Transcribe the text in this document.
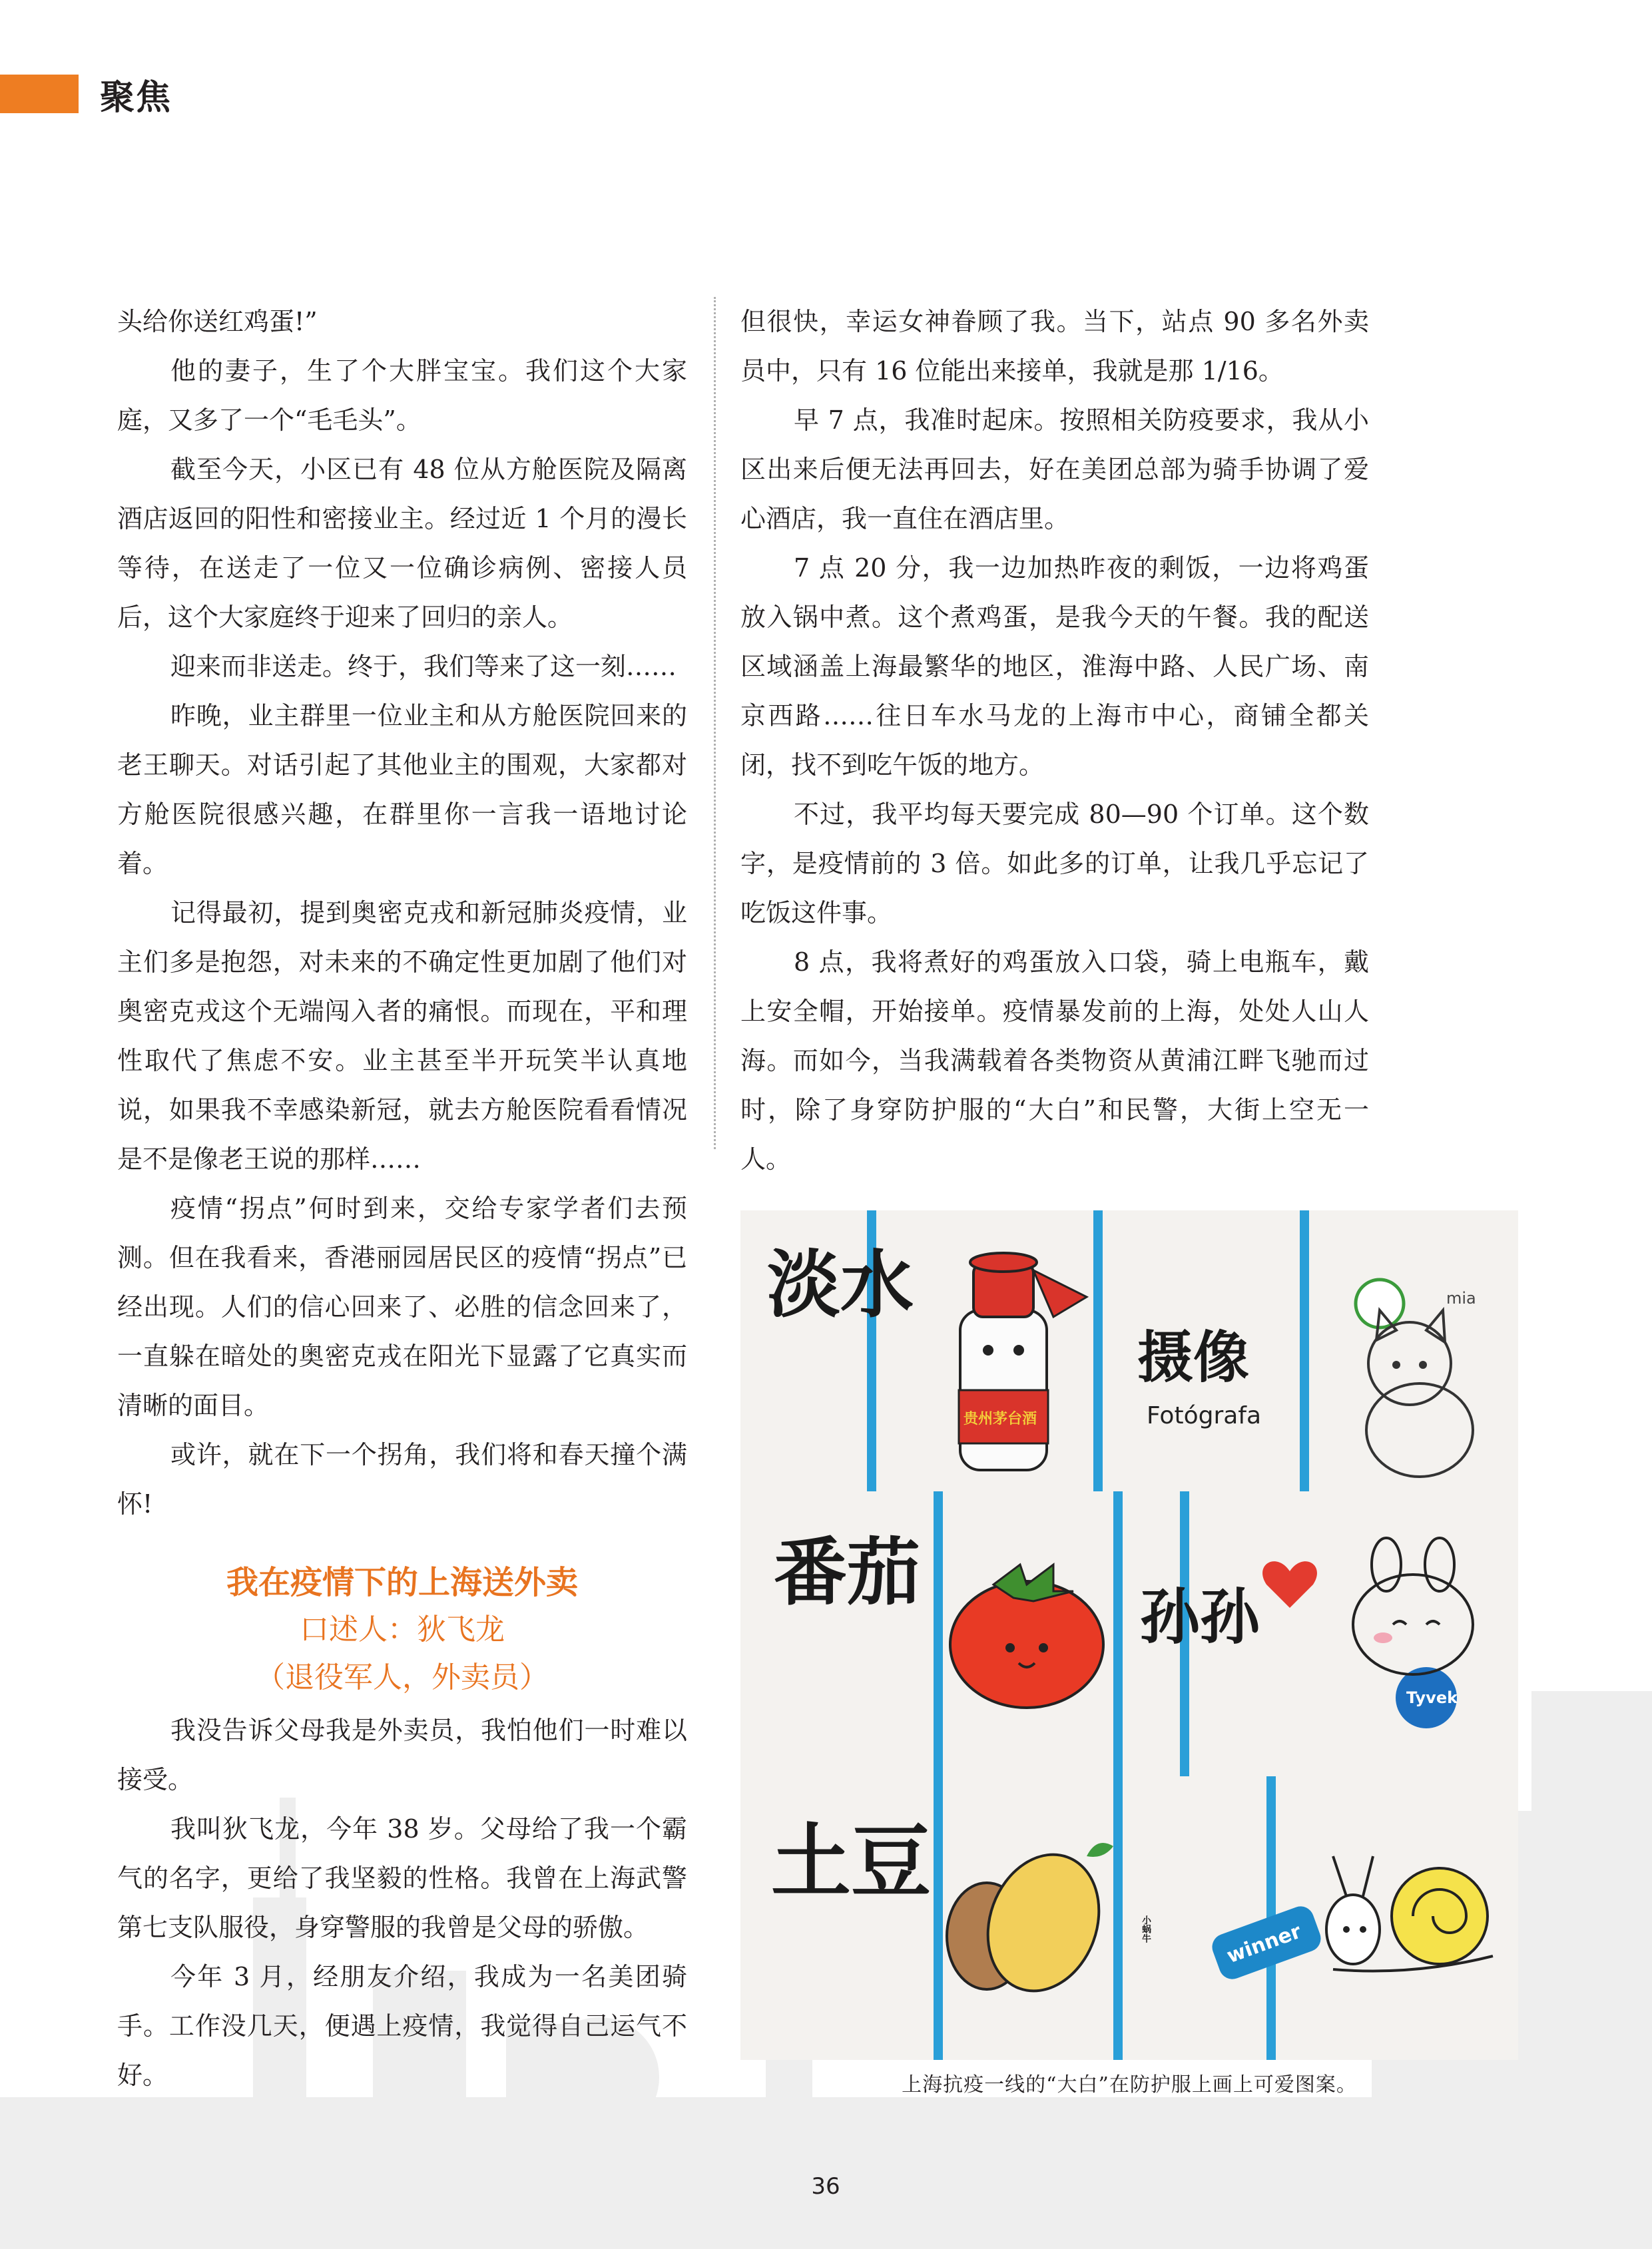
聚焦

头给你送红鸡蛋!”

他的妻子，生了个大胖宝宝。我们这个大家庭，又多了一个“毛毛头”。

截至今天，小区已有 48 位从方舱医院及隔离酒店返回的阳性和密接业主。经过近 1 个月的漫长等待，在送走了一位又一位确诊病例、密接人员后，这个大家庭终于迎来了回归的亲人。

迎来而非送走。终于，我们等来了这一刻……

昨晚，业主群里一位业主和从方舱医院回来的老王聊天。对话引起了其他业主的围观，大家都对方舱医院很感兴趣，在群里你一言我一语地讨论着。

记得最初，提到奥密克戎和新冠肺炎疫情，业主们多是抱怨，对未来的不确定性更加剧了他们对奥密克戎这个无端闯入者的痛恨。而现在，平和理性取代了焦虑不安。业主甚至半开玩笑半认真地说，如果我不幸感染新冠，就去方舱医院看看情况是不是像老王说的那样……

疫情“拐点”何时到来，交给专家学者们去预测。但在我看来，香港丽园居民区的疫情“拐点”已经出现。人们的信心回来了、必胜的信念回来了，一直躲在暗处的奥密克戎在阳光下显露了它真实而清晰的面目。

或许，就在下一个拐角，我们将和春天撞个满怀!

我在疫情下的上海送外卖

口述人：狄飞龙

（退役军人，外卖员）

我没告诉父母我是外卖员，我怕他们一时难以接受。

我叫狄飞龙，今年 38 岁。父母给了我一个霸气的名字，更给了我坚毅的性格。我曾在上海武警第七支队服役，身穿警服的我曾是父母的骄傲。

今年 3 月，经朋友介绍，我成为一名美团骑手。工作没几天，便遇上疫情，我觉得自己运气不好。

但很快，幸运女神眷顾了我。当下，站点 90 多名外卖员中，只有 16 位能出来接单，我就是那 1/16。

早 7 点，我准时起床。按照相关防疫要求，我从小区出来后便无法再回去，好在美团总部为骑手协调了爱心酒店，我一直住在酒店里。

7 点 20 分，我一边加热昨夜的剩饭，一边将鸡蛋放入锅中煮。这个煮鸡蛋，是我今天的午餐。我的配送区域涵盖上海最繁华的地区，淮海中路、人民广场、南京西路……往日车水马龙的上海市中心，商铺全都关闭，找不到吃午饭的地方。

不过，我平均每天要完成 80—90 个订单。这个数字，是疫情前的 3 倍。如此多的订单，让我几乎忘记了吃饭这件事。

8 点，我将煮好的鸡蛋放入口袋，骑上电瓶车，戴上安全帽，开始接单。疫情暴发前的上海，处处人山人海。而如今，当我满载着各类物资从黄浦江畔飞驰而过时，除了身穿防护服的“大白”和民警，大街上空无一人。

淡水
贵州茅台酒
摄像
Fotógrafa
mia
番茄
孙孙
Tyvek
土豆
winner
小蜗牛
上海抗疫一线的“大白”在防护服上画上可爱图案。
36
